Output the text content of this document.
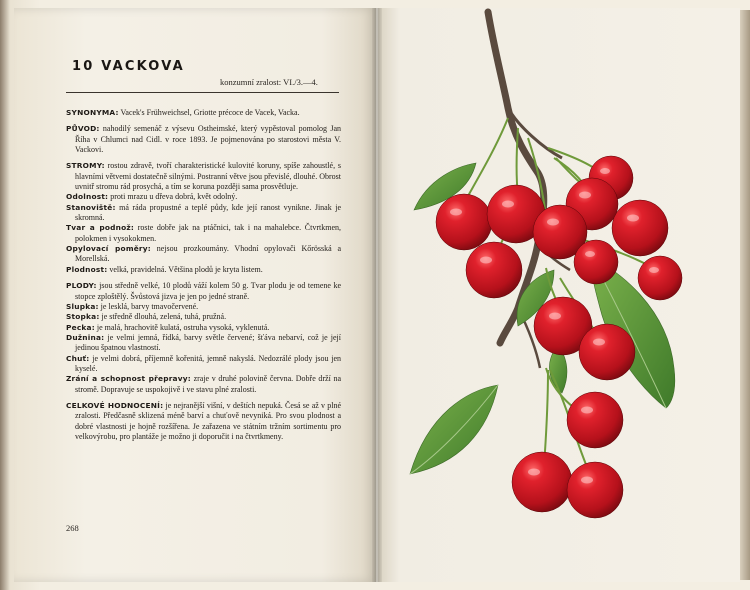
10 VACKOVA
konzumní zralost: VI./3.—4.

SYNONYMA: Vacek's Frühweichsel, Griotte précoce de Vacek, Vacka.

PŮVOD: nahodilý semenáč z výsevu Ostheimské, který vypěstoval pomolog Jan Říha v Chlumci nad Cidl. v roce 1893. Je pojmenována po starostovi města V. Vackovi.

STROMY: rostou zdravě, tvoří charakteristické kulovité koruny, spíše zahoustlé, s hlavními větvemi dostatečně silnými. Postranní větve jsou převislé, dlouhé. Obrost uvnitř stromu rád prosychá, a tím se koruna později sama prosvětluje.
Odolnost: proti mrazu u dřeva dobrá, květ odolný.
Stanoviště: má ráda propustné a teplé půdy, kde její ranost vynikne. Jinak je skromná.
Tvar a podnož: roste dobře jak na ptáčnici, tak i na mahalebce. Čtvrtkmen, polokmen i vysokokmen.
Opylovací poměry: nejsou prozkoumány. Vhodní opylovači Kőrösská a Morellská.
Plodnost: velká, pravidelná. Většina plodů je kryta listem.

PLODY: jsou středně velké, 10 plodů váží kolem 50 g. Tvar plodu je od temene ke stopce zploštělý. Švůstová jizva je jen po jedné straně.
Slupka: je lesklá, barvy tmavočervené.
Stopka: je středně dlouhá, zelená, tuhá, pružná.
Pecka: je malá, hrachovitě kulatá, ostruha vysoká, vyklenutá.
Dužnina: je velmi jemná, řídká, barvy světle červené; šťáva nebarví, což je její jedinou špatnou vlastností.
Chuť: je velmi dobrá, příjemně kořenitá, jemně nakyslá. Nedozrálé plody jsou jen kyselé.
Zrání a schopnost přepravy: zraje v druhé polovině června. Dobře drží na stromě. Dopravuje se uspokojivě i ve stavu plné zralosti.

CELKOVÉ HODNOCENÍ: je nejranější višní, v deštích nepuká. Česá se až v plné zralosti. Předčasně sklizená méně barví a chuťově nevyniká. Pro svou plodnost a dobré vlastnosti je hojně rozšířena. Je zařazena ve státním tržním sortimentu pro velkovýrobu, pro plantáže je možno ji doporučit i na čtvrtkmeny.

268
